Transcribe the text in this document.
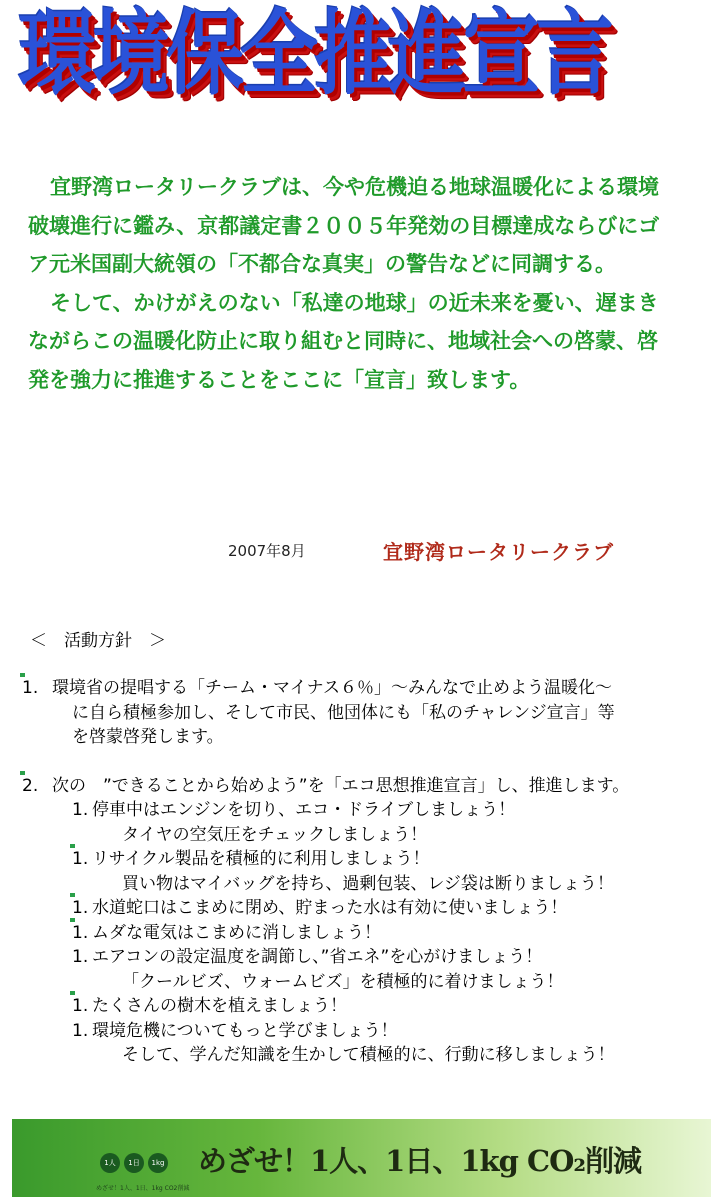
環境保全推進宣言

宜野湾ロータリークラブは、今や危機迫る地球温暖化による環境破壊進行に鑑み、京都議定書２００５年発効の目標達成ならびにゴア元米国副大統領の「不都合な真実」の警告などに同調する。

そして、かけがえのない「私達の地球」の近未来を憂い、遅まきながらこの温暖化防止に取り組むと同時に、地域社会への啓蒙、啓発を強力に推進することをここに「宣言」致します。

2007年8月	宜野湾ロータリークラブ
＜　活動方針　＞
1. 環境省の提唱する「チーム・マイナス６％」～みんなで止めよう温暖化～
に自ら積極参加し、そして市民、他団体にも「私のチャレンジ宣言」等
を啓蒙啓発します。
2. 次の　”できることから始めよう”を「エコ思想推進宣言」し、推進します。
1. 停車中はエンジンを切り、エコ・ドライブしましょう！
タイヤの空気圧をチェックしましょう！
1. リサイクル製品を積極的に利用しましょう！
買い物はマイバッグを持ち、過剰包装、レジ袋は断りましょう！
1. 水道蛇口はこまめに閉め、貯まった水は有効に使いましょう！
1. ムダな電気はこまめに消しましょう！
1. エアコンの設定温度を調節し、”省エネ”を心がけましょう！
「クールビズ、ウォームビズ」を積極的に着けましょう！
1. たくさんの樹木を植えましょう！
1. 環境危機についてもっと学びましょう！
そして、学んだ知識を生かして積極的に、行動に移しましょう！
1人	1日	1kg
めざせ！1人、1日、1kg CO2削減
めざせ！1人、1日、1kg CO₂削減
